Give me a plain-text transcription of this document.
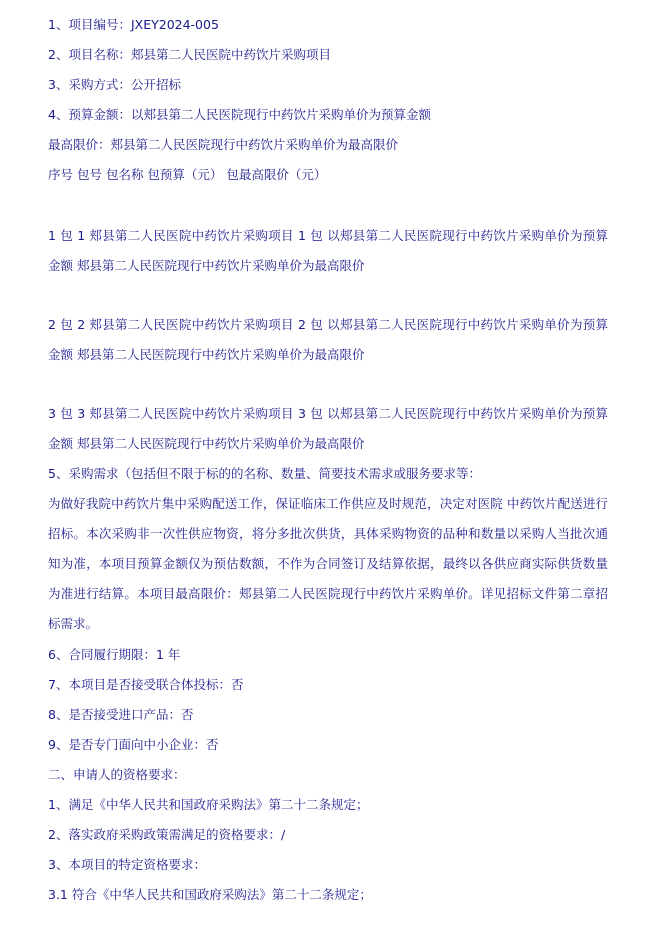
1、项目编号：JXEY2024-005
2、项目名称：郏县第二人民医院中药饮片采购项目
3、采购方式：公开招标
4、预算金额：以郏县第二人民医院现行中药饮片采购单价为预算金额
最高限价：郏县第二人民医院现行中药饮片采购单价为最高限价
序号 包号 包名称 包预算（元） 包最高限价（元）
1 包 1 郏县第二人民医院中药饮片采购项目 1 包 以郏县第二人民医院现行中药饮片采购单价为预算金额 郏县第二人民医院现行中药饮片采购单价为最高限价
2 包 2 郏县第二人民医院中药饮片采购项目 2 包 以郏县第二人民医院现行中药饮片采购单价为预算金额 郏县第二人民医院现行中药饮片采购单价为最高限价
3 包 3 郏县第二人民医院中药饮片采购项目 3 包 以郏县第二人民医院现行中药饮片采购单价为预算金额 郏县第二人民医院现行中药饮片采购单价为最高限价
5、采购需求（包括但不限于标的的名称、数量、简要技术需求或服务要求等：
为做好我院中药饮片集中采购配送工作，保证临床工作供应及时规范，决定对医院 中药饮片配送进行招标。本次采购非一次性供应物资，将分多批次供货，具体采购物资的品种和数量以采购人当批次通知为准，本项目预算金额仅为预估数额，不作为合同签订及结算依据，最终以各供应商实际供货数量为准进行结算。本项目最高限价：郏县第二人民医院现行中药饮片采购单价。详见招标文件第二章招标需求。
6、合同履行期限：1 年
7、本项目是否接受联合体投标：否
8、是否接受进口产品：否
9、是否专门面向中小企业：否
二、申请人的资格要求：
1、满足《中华人民共和国政府采购法》第二十二条规定；
2、落实政府采购政策需满足的资格要求：/
3、本项目的特定资格要求：
3.1 符合《中华人民共和国政府采购法》第二十二条规定；
